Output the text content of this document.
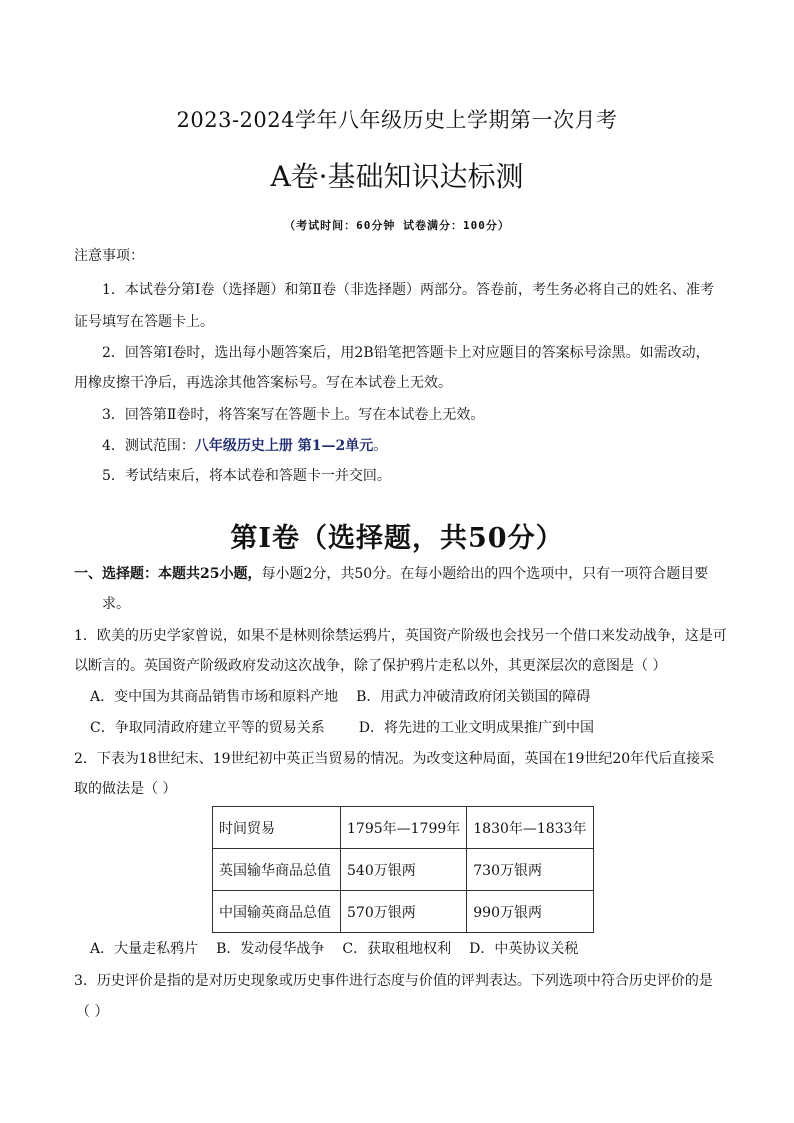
2023-2024学年八年级历史上学期第一次月考
A卷·基础知识达标测
（考试时间：60分钟 试卷满分：100分）
注意事项：
1．本试卷分第Ⅰ卷（选择题）和第Ⅱ卷（非选择题）两部分。答卷前，考生务必将自己的姓名、准考
证号填写在答题卡上。
2．回答第Ⅰ卷时，选出每小题答案后，用2B铅笔把答题卡上对应题目的答案标号涂黑。如需改动，
用橡皮擦干净后，再选涂其他答案标号。写在本试卷上无效。
3．回答第Ⅱ卷时，将答案写在答题卡上。写在本试卷上无效。
4．测试范围：八年级历史上册 第1—2单元。
5．考试结束后，将本试卷和答题卡一并交回。
第Ⅰ卷（选择题，共50分）
一、选择题：本题共25小题，每小题2分，共50分。在每小题给出的四个选项中，只有一项符合题目要
求。
1．欧美的历史学家曾说，如果不是林则徐禁运鸦片，英国资产阶级也会找另一个借口来发动战争，这是可
以断言的。英国资产阶级政府发动这次战争，除了保护鸦片走私以外，其更深层次的意图是（ ）
A．变中国为其商品销售市场和原料产地 B．用武力冲破清政府闭关锁国的障碍
C．争取同清政府建立平等的贸易关系 D．将先进的工业文明成果推广到中国
2．下表为18世纪末、19世纪初中英正当贸易的情况。为改变这种局面，英国在19世纪20年代后直接采
取的做法是（ ）
时间贸易	1795年—1799年	1830年—1833年
英国输华商品总值	540万银两	730万银两
中国输英商品总值	570万银两	990万银两
A．大量走私鸦片 B．发动侵华战争 C．获取租地权利 D．中英协议关税
3．历史评价是指的是对历史现象或历史事件进行态度与价值的评判表达。下列选项中符合历史评价的是
（ ）
